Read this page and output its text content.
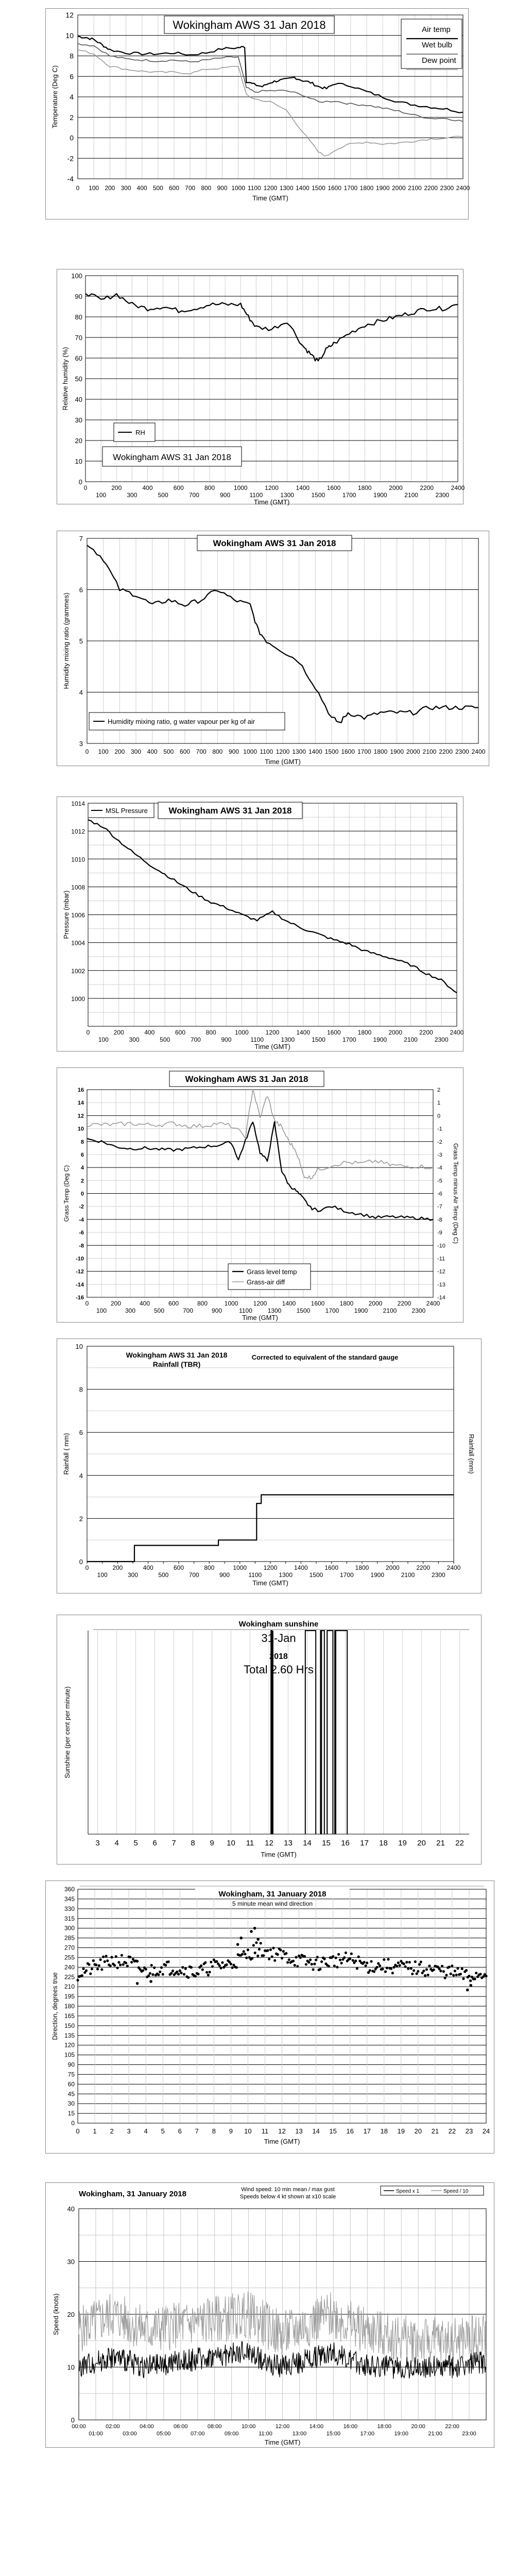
-4
-2
0
2
4
6
8
10
12
0 100 200 300 400 500 600 700 800 900 1000 1100 1200 1300 1400 1500 1600 1700 1800 1900 2000 2100 2200 2300 2400
Air temp
Wet bulb
Dew point
Wokingham AWS 31 Jan 2018
Temperature (Deg C)
Time (GMT)
0
10
20
30
40
50
60
70
80
90
100
0
100
200
300
400
500
600
700
800
900
1000
1100
1200
1300
1400
1500
1600
1700
1800
1900
2000
2100
2200
2300
2400
RH
Wokingham AWS 31 Jan 2018
Relative humidity (%)
Time (GMT)
3
4
5
6
7
0 100 200 300 400 500 600 700 800 900 1000 1100 1200 1300 1400 1500 1600 1700 1800 1900 2000 2100 2200 2300 2400
Humidity mixing ratio, g water vapour per kg of air
Wokingham AWS 31 Jan 2018
Humidity mixing ratio (grammes)
Time (GMT)
1000
1002
1004
1006
1008
1010
1012
1014
0
100
200
300
400
500
600
700
800
900
1000
1100
1200
1300
1400
1500
1600
1700
1800
1900
2000
2100
2200
2300
2400
MSL Pressure Wokingham AWS 31 Jan 2018
Pressure (mbar)
Time (GMT)
-16
-14
-12
-10
-8
-6
-4
-2
0
2
4
6
8
10
12
14
16
-14
-13
-12
-11
-10
-9
-8
-7
-6
-5
-4
-3
-2
-1
0
1
2
0
100
200
300
400
500
600
700
800
900
1000
1100
1200
1300
1400
1500
1600
1700
1800
1900
2000
2100
2200
2300
2400
Grass level temp
Grass-air diff
Wokingham AWS 31 Jan 2018
Grass Temp (Deg C)	Grass Temp minus Air Temp (Deg C)
Time (GMT)
0
2
4
6
8
10
0
100
200
300
400
500
600
700
800
900
1000
1100
1200
1300
1400
1500
1600
1700
1800
1900
2000
2100
2200
2300
2400
Wokingham AWS 31 Jan 2018
Rainfall (TBR)
Corrected to equivalent of the standard gauge
Rainfall ( mm)	Rainfall (mm)
Time (GMT)
3 4 5 6 7 8 9 10 11 12 13 14 15 16 17 18 19 20 21 22
Wokingham sunshine
31-Jan
2018
Total 2.60 Hrs
Sunshine (per cent per minute)
Time (GMT)
0
15
30
45
60
75
90
105
120
135
150
165
180
195
210
225
240
255
270
285
300
315
330
345
360
0 1 2 3 4 5 6 7 8 9 10 11 12 13 14 15 16 17 18 19 20 21 22 23 24
Wokingham, 31 January 2018
5 minute mean wind direction
Direction, degrees true
Time (GMT)
0
10
20
30
40
00:00	02:00	04:00	06:00	08:00	10:00	12:00	14:00	16:00	18:00	20:00	22:00
01:00	03:00	05:00	07:00	09:00	11:00	13:00	15:00	17:00	19:00	21:00	23:00
Wokingham, 31 January 2018	Wind speed: 10 min mean / max gust
Speeds below 4 kt shown at x10 scale
Speed x 1	Speed / 10
Speed (knots)
Time (GMT)
